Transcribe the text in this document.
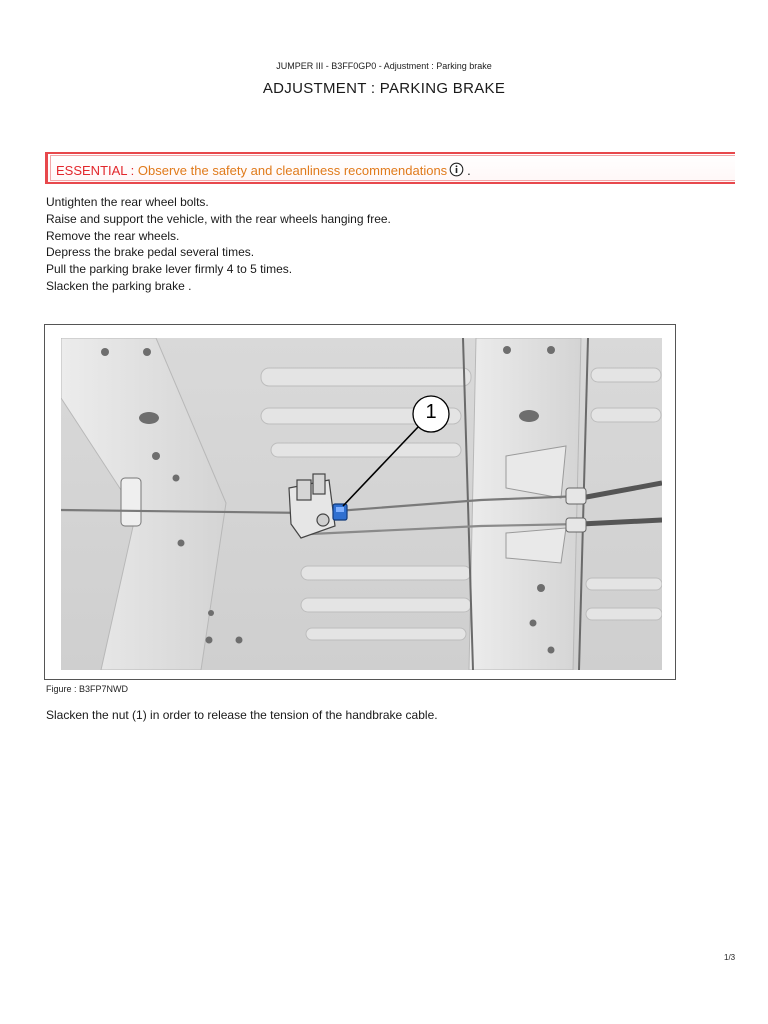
JUMPER III - B3FF0GP0 - Adjustment : Parking brake
ADJUSTMENT : PARKING BRAKE
ESSENTIAL : Observe the safety and cleanliness recommendations .
Untighten the rear wheel bolts.
Raise and support the vehicle, with the rear wheels hanging free.
Remove the rear wheels.
Depress the brake pedal several times.
Pull the parking brake lever firmly 4 to 5 times.
Slacken the parking brake .
1
Figure : B3FP7NWD
Slacken the nut (1) in order to release the tension of the handbrake cable.
1/3
